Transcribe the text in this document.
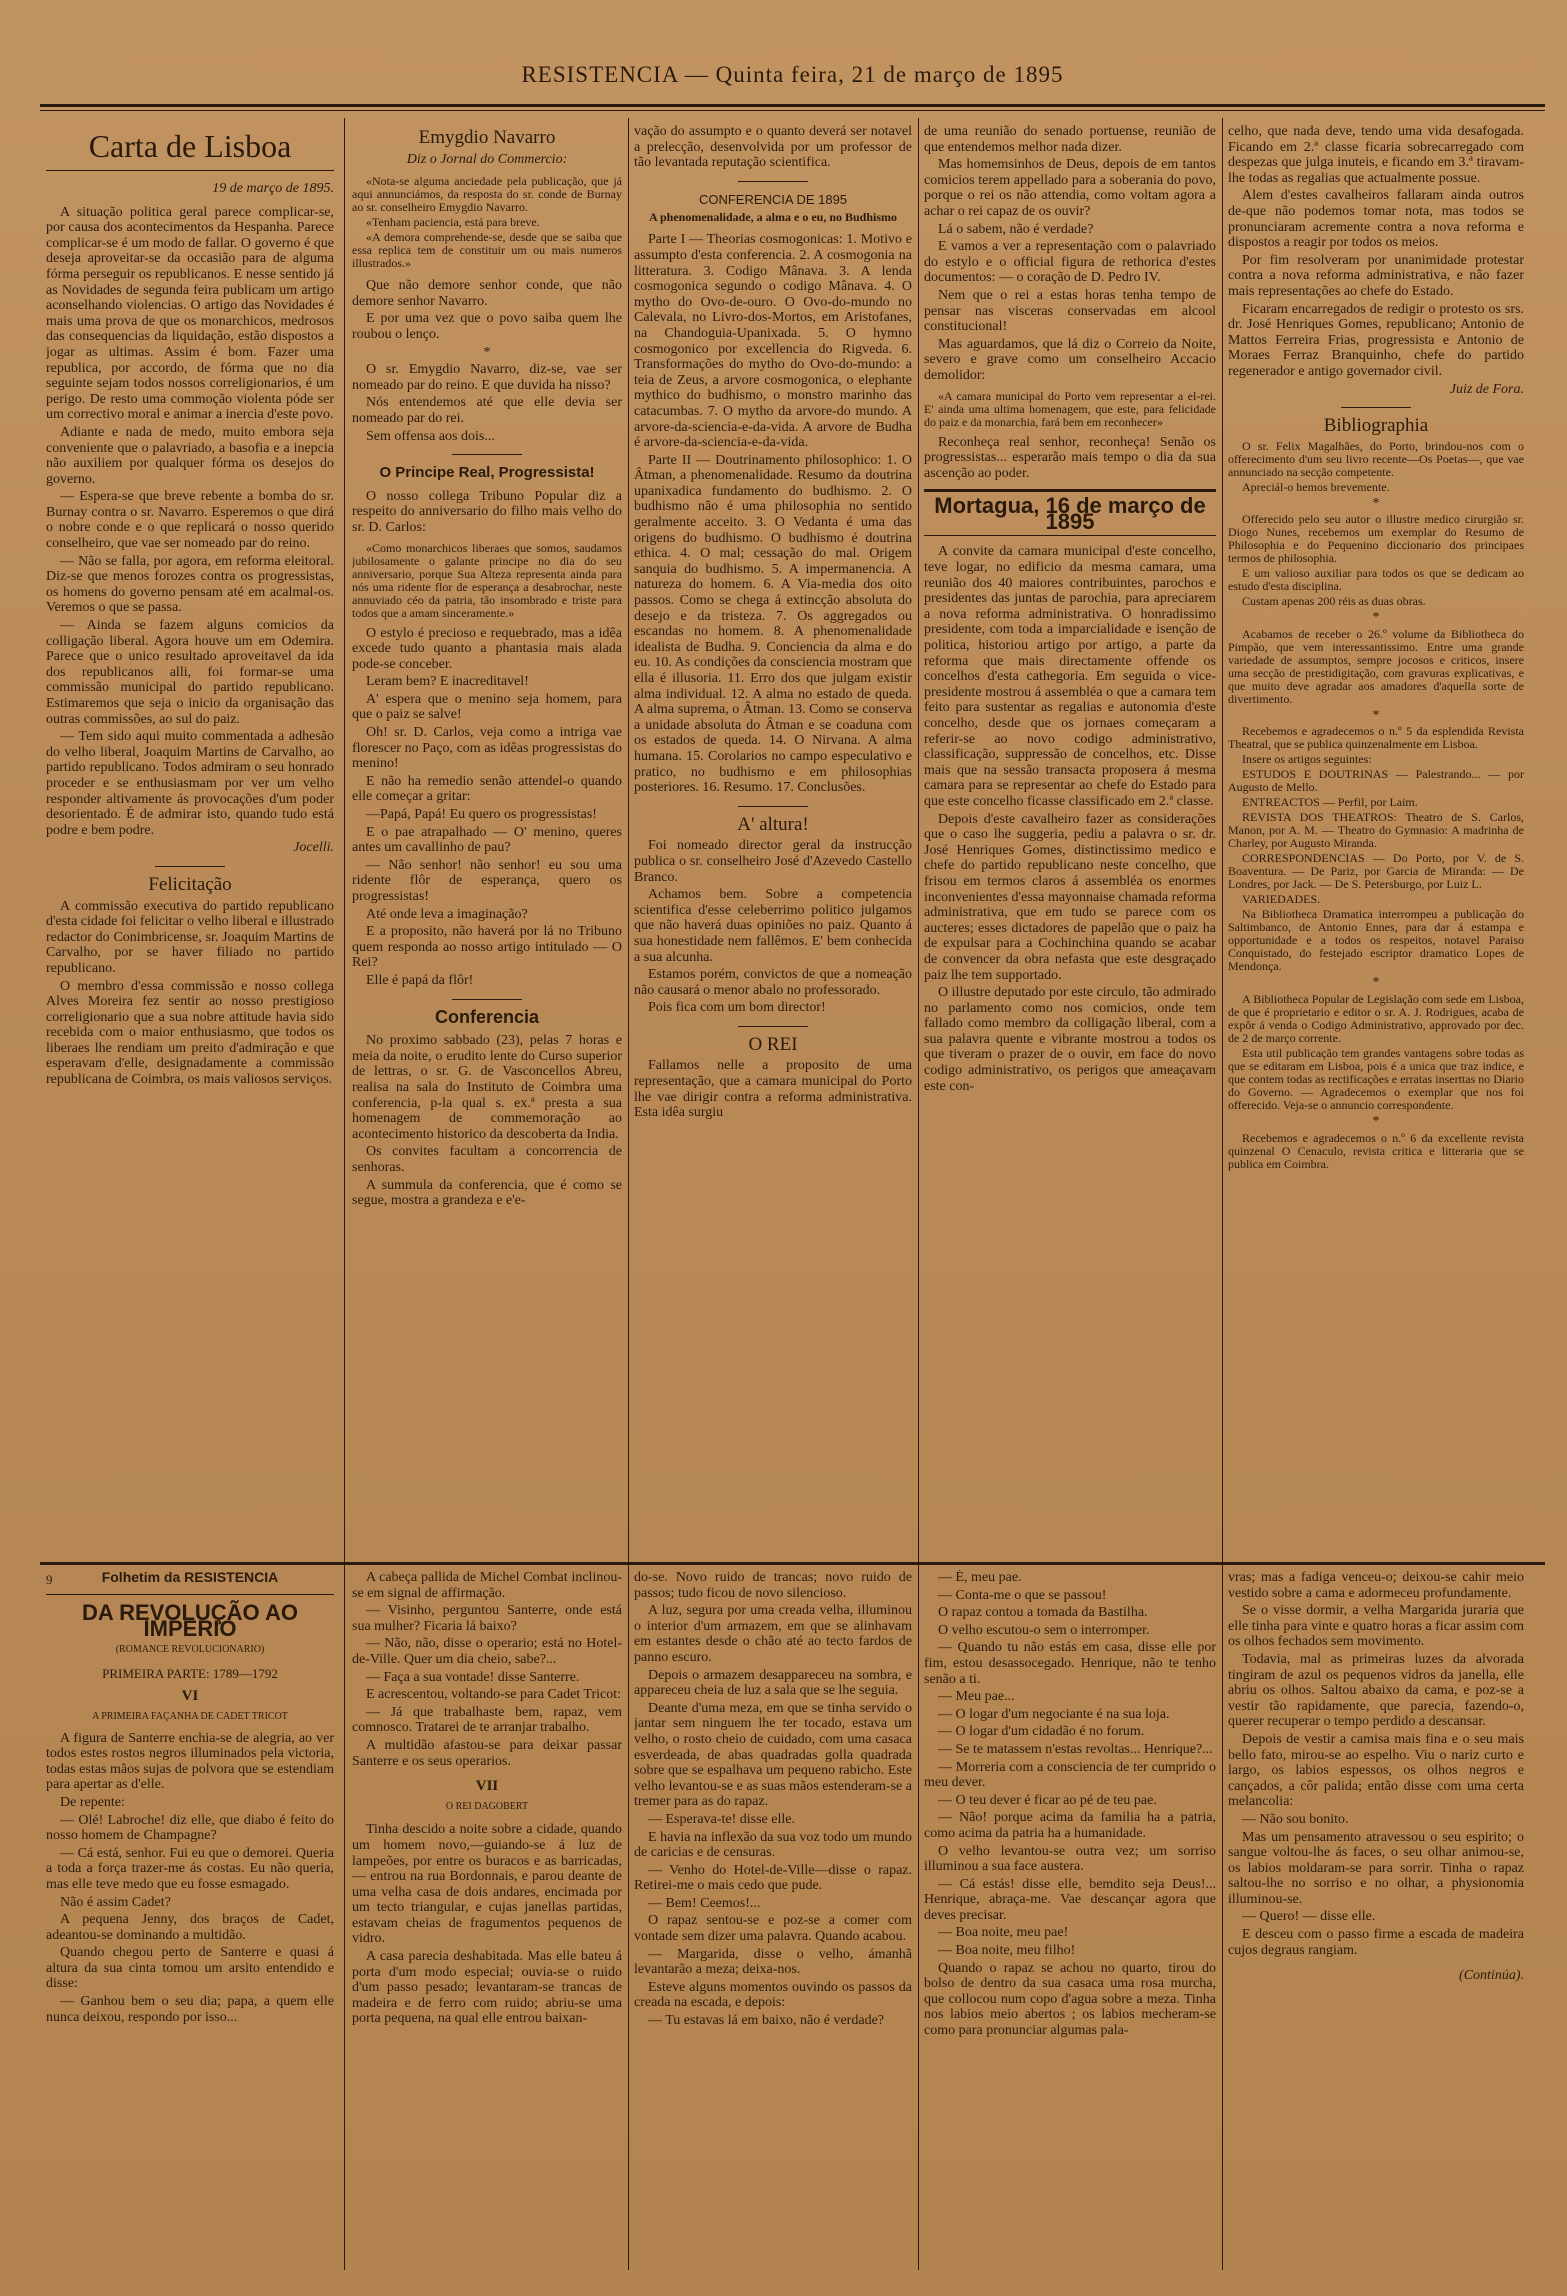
RESISTENCIA — Quinta feira, 21 de março de 1895
Carta de Lisboa
19 de março de 1895.

A situação politica geral parece complicar-se, por causa dos acontecimentos da Hespanha. Parece complicar-se é um modo de fallar. O governo é que deseja aproveitar-se da occasião para de alguma fórma perseguir os republicanos. E nesse sentido já as Novidades de segunda feira publicam um artigo aconselhando violencias. O artigo das Novidades é mais uma prova de que os monarchicos, medrosos das consequencias da liquidação, estão dispostos a jogar as ultimas. Assim é bom. Fazer uma republica, por accordo, de fórma que no dia seguinte sejam todos nossos correligionarios, é um perigo. De resto uma commoção violenta póde ser um correctivo moral e animar a inercia d'este povo.

Adiante e nada de medo, muito embora seja conveniente que o palavriado, a basofia e a inepcia não auxiliem por qualquer fórma os desejos do governo.

— Espera-se que breve rebente a bomba do sr. Burnay contra o sr. Navarro. Esperemos o que dirá o nobre conde e o que replicará o nosso querido conselheiro, que vae ser nomeado par do reino.

— Não se falla, por agora, em reforma eleitoral. Diz-se que menos forozes contra os progressistas, os homens do governo pensam até em acalmal-os. Veremos o que se passa.

— Ainda se fazem alguns comicios da colligação liberal. Agora houve um em Odemira. Parece que o unico resultado aproveitavel da ida dos republicanos alli, foi formar-se uma commissão municipal do partido republicano. Estimaremos que seja o inicio da organisação das outras commissões, ao sul do paiz.

— Tem sido aqui muito commentada a adhesão do velho liberal, Joaquim Martins de Carvalho, ao partido republicano. Todos admiram o seu honrado proceder e se enthusiasmam por ver um velho responder altivamente ás provocações d'um poder desorientado. É de admirar isto, quando tudo está podre e bem podre.

Jocelli.
Felicitação

A commissão executiva do partido republicano d'esta cidade foi felicitar o velho liberal e illustrado redactor do Conimbricense, sr. Joaquim Martins de Carvalho, por se haver filiado no partido republicano.

O membro d'essa commissão e nosso collega Alves Moreira fez sentir ao nosso prestigioso correligionario que a sua nobre attitude havia sido recebida com o maior enthusiasmo, que todos os liberaes lhe rendiam um preito d'admiração e que esperavam d'elle, designadamente a commissão republicana de Coimbra, os mais valiosos serviços.

Emygdio Navarro
Diz o Jornal do Commercio:

«Nota-se alguma anciedade pela publicação, que já aqui annunciámos, da resposta do sr. conde de Burnay ao sr. conselheiro Emygdio Navarro.

«Tenham paciencia, está para breve.

«A demora comprehende-se, desde que se saiba que essa replica tem de constituir um ou mais numeros illustrados.»

Que não demore senhor conde, que não demore senhor Navarro.

E por uma vez que o povo saiba quem lhe roubou o lenço.

*

O sr. Emygdio Navarro, diz-se, vae ser nomeado par do reino. E que duvida ha nisso?

Nós entendemos até que elle devia ser nomeado par do rei.

Sem offensa aos dois...

O Principe Real, Progressista!

O nosso collega Tribuno Popular diz a respeito do anniversario do filho mais velho do sr. D. Carlos:

«Como monarchicos liberaes que somos, saudamos jubilosamente o galante principe no dia do seu anniversario, porque Sua Alteza representa ainda para nós uma ridente flor de esperança a desabrochar, neste annuviado céo da patria, tão insombrado e triste para todos que a amam sinceramente.»

O estylo é precioso e requebrado, mas a idêa excede tudo quanto a phantasia mais alada pode-se conceber.

Leram bem? E inacreditavel!

A' espera que o menino seja homem, para que o paiz se salve!

Oh! sr. D. Carlos, veja como a intriga vae florescer no Paço, com as idêas progressistas do menino!

E não ha remedio senão attendel-o quando elle começar a gritar:

—Papá, Papá! Eu quero os progressistas!

E o pae atrapalhado — O' menino, queres antes um cavallinho de pau?

— Não senhor! não senhor! eu sou uma ridente flôr de esperança, quero os progressistas!

Até onde leva a imaginação?

E a proposito, não haverá por lá no Tribuno quem responda ao nosso artigo intitulado — O Rei?

Elle é papá da flôr!

Conferencia

No proximo sabbado (23), pelas 7 horas e meia da noite, o erudito lente do Curso superior de lettras, o sr. G. de Vasconcellos Abreu, realisa na sala do Instituto de Coimbra uma conferencia, p-la qual s. ex.ª presta a sua homenagem de commemoração ao acontecimento historico da descoberta da India.

Os convites facultam a concorrencia de senhoras.

A summula da conferencia, que é como se segue, mostra a grandeza e e'e-

vação do assumpto e o quanto deverá ser notavel a prelecção, desenvolvida por um professor de tão levantada reputação scientifica.

CONFERENCIA DE 1895
A phenomenalidade, a alma e o eu, no Budhismo

Parte I — Theorias cosmogonicas: 1. Motivo e assumpto d'esta conferencia. 2. A cosmogonia na litteratura. 3. Codigo Mânava. 3. A lenda cosmogonica segundo o codigo Mânava. 4. O mytho do Ovo-de-ouro. O Ovo-do-mundo no Calevala, no Livro-dos-Mortos, em Aristofanes, na Chandoguia-Upanixada. 5. O hymno cosmogonico por excellencia do Rigveda. 6. Transformações do mytho do Ovo-do-mundo: a teia de Zeus, a arvore cosmogonica, o elephante mythico do budhismo, o monstro marinho das catacumbas. 7. O mytho da arvore-do mundo. A arvore-da-sciencia-e-da-vida. A arvore de Budha é arvore-da-sciencia-e-da-vida.

Parte II — Doutrinamento philosophico: 1. O Âtman, a phenomenalidade. Resumo da doutrina upanixadica fundamento do budhismo. 2. O budhismo não é uma philosophia no sentido geralmente acceito. 3. O Vedanta é uma das origens do budhismo. O budhismo é doutrina ethica. 4. O mal; cessação do mal. Origem sanquia do budhismo. 5. A impermanencia. A natureza do homem. 6. A Via-media dos oito passos. Como se chega á extincção absoluta do desejo e da tristeza. 7. Os aggregados ou escandas no homem. 8. A phenomenalidade idealista de Budha. 9. Conciencia da alma e do eu. 10. As condições da consciencia mostram que ella é illusoria. 11. Erro dos que julgam existir alma individual. 12. A alma no estado de queda. A alma suprema, o Âtman. 13. Como se conserva a unidade absoluta do Âtman e se coaduna com os estados de queda. 14. O Nirvana. A alma humana. 15. Corolarios no campo especulativo e pratico, no budhismo e em philosophias posteriores. 16. Resumo. 17. Conclusões.

A' altura!

Foi nomeado director geral da instrucção publica o sr. conselheiro José d'Azevedo Castello Branco.

Achamos bem. Sobre a competencia scientifica d'esse celeberrimo politico julgamos que não haverá duas opiniões no paiz. Quanto á sua honestidade nem fallêmos. E' bem conhecida a sua alcunha.

Estamos porém, convictos de que a nomeação não causará o menor abalo no professorado.

Pois fica com um bom director!

O REI

Fallamos nelle a proposito de uma representação, que a camara municipal do Porto lhe vae dirigir contra a reforma administrativa. Esta idêa surgiu

de uma reunião do senado portuense, reunião de que entendemos melhor nada dizer.

Mas homemsinhos de Deus, depois de em tantos comicios terem appellado para a soberania do povo, porque o rei os não attendia, como voltam agora a achar o rei capaz de os ouvir?

Lá o sabem, não é verdade?

E vamos a ver a representação com o palavriado do estylo e o official figura de rethorica d'estes documentos: — o coração de D. Pedro IV.

Nem que o rei a estas horas tenha tempo de pensar nas visceras conservadas em alcool constitucional!

Mas aguardamos, que lá diz o Correio da Noite, severo e grave como um conselheiro Accacio demolidor:

«A camara municipal do Porto vem representar a el-rei. E' ainda uma ultima homenagem, que este, para felicidade do paiz e da monarchia, fará bem em reconhecer»

Reconheça real senhor, reconheça! Senão os progressistas... esperarão mais tempo o dia da sua ascenção ao poder.

Mortagua, 16 de março de 1895

A convite da camara municipal d'este concelho, teve logar, no edificio da mesma camara, uma reunião dos 40 maiores contribuintes, parochos e presidentes das juntas de parochia, para apreciarem a nova reforma administrativa. O honradissimo presidente, com toda a imparcialidade e isenção de politica, historiou artigo por artigo, a parte da reforma que mais directamente offende os concelhos d'esta cathegoria. Em seguida o vice-presidente mostrou á assembléa o que a camara tem feito para sustentar as regalias e autonomia d'este concelho, desde que os jornaes começaram a referir-se ao novo codigo administrativo, classificação, suppressão de concelhos, etc. Disse mais que na sessão transacta proposera á mesma camara para se representar ao chefe do Estado para que este concelho ficasse classificado em 2.ª classe.

Depois d'este cavalheiro fazer as considerações que o caso lhe suggeria, pediu a palavra o sr. dr. José Henriques Gomes, distinctissimo medico e chefe do partido republicano neste concelho, que frisou em termos claros á assembléa os enormes inconvenientes d'essa mayonnaise chamada reforma administrativa, que em tudo se parece com os aucteres; esses dictadores de papelão que o paiz ha de expulsar para a Cochinchina quando se acabar de convencer da obra nefasta que este desgraçado paiz lhe tem supportado.

O illustre deputado por este circulo, tão admirado no parlamento como nos comicios, onde tem fallado como membro da colligação liberal, com a sua palavra quente e vibrante mostrou a todos os que tiveram o prazer de o ouvir, em face do novo codigo administrativo, os perigos que ameaçavam este con-

celho, que nada deve, tendo uma vida desafogada. Ficando em 2.ª classe ficaria sobrecarregado com despezas que julga inuteis, e ficando em 3.ª tiravam-lhe todas as regalias que actualmente possue.

Alem d'estes cavalheiros fallaram ainda outros de-que não podemos tomar nota, mas todos se pronunciaram acremente contra a nova reforma e dispostos a reagir por todos os meios.

Por fim resolveram por unanimidade protestar contra a nova reforma administrativa, e não fazer mais representações ao chefe do Estado.

Ficaram encarregados de redigir o protesto os srs. dr. José Henriques Gomes, republicano; Antonio de Mattos Ferreira Frias, progressista e Antonio de Moraes Ferraz Branquinho, chefe do partido regenerador e antigo governador civil.

Juiz de Fora.
Bibliographia

O sr. Felix Magalhães, do Porto, brindou-nos com o offerecimento d'um seu livro recente—Os Poetas—, que vae annunciado na secção competente.

Apreciál-o hemos brevemente.

*

Offerecido pelo seu autor o illustre medico cirurgião sr. Diogo Nunes, recebemos um exemplar do Resumo de Philosophia e do Pequenino diccionario dos principaes termos de philosophia.

E um valioso auxiliar para todos os que se dedicam ao estudo d'esta disciplina.

Custam apenas 200 réis as duas obras.

*

Acabamos de receber o 26.º volume da Bibliotheca do Pimpão, que vem interessantissimo. Entre uma grande variedade de assumptos, sempre jocosos e criticos, insere uma secção de prestidigitação, com gravuras explicativas, e que muito deve agradar aos amadores d'aquella sorte de divertimento.

*

Recebemos e agradecemos o n.º 5 da esplendida Revista Theatral, que se publica quinzenalmente em Lisboa.

Insere os artigos seguintes:

ESTUDOS E DOUTRINAS — Palestrando... — por Augusto de Mello.

ENTREACTOS — Perfil, por Laim.

REVISTA DOS THEATROS: Theatro de S. Carlos, Manon, por A. M. — Theatro do Gymnasio: A madrinha de Charley, por Augusto Miranda.

CORRESPONDENCIAS — Do Porto, por V. de S. Boaventura. — De Pariz, por Garcia de Miranda: — De Londres, por Jack. — De S. Petersburgo, por Luiz L.

VARIEDADES.

Na Bibliotheca Dramatica interrompeu a publicação do Saltimbanco, de Antonio Ennes, para dar á estampa e opportunidade e a todos os respeitos, notavel Paraiso Conquistado, do festejado escriptor dramatico Lopes de Mendonça.

*

A Bibliotheca Popular de Legislação com sede em Lisboa, de que é proprietario e editor o sr. A. J. Rodrigues, acaba de expôr á venda o Codigo Administrativo, approvado por dec. de 2 de março corrente.

Esta util publicação tem grandes vantagens sobre todas as que se editaram em Lisboa, pois é a unica que traz indice, e que contem todas as rectificações e erratas inserttas no Diario do Governo. — Agradecemos o exemplar que nos foi offerecido. Veja-se o annuncio correspondente.

*

Recebemos e agradecemos o n.º 6 da excellente revista quinzenal O Cenaculo, revista critica e litteraria que se publica em Coimbra.

9	Folhetim da RESISTENCIA
DA REVOLUÇÃO AO IMPERIO
(ROMANCE REVOLUCIONARIO)
PRIMEIRA PARTE: 1789—1792
VI
A PRIMEIRA FAÇANHA DE CADET TRICOT

A figura de Santerre enchia-se de alegria, ao ver todos estes rostos negros illuminados pela victoria, todas estas mãos sujas de polvora que se estendiam para apertar as d'elle.

De repente:

— Olé! Labroche! diz elle, que diabo é feito do nosso homem de Champagne?

— Cá está, senhor. Fui eu que o demorei. Queria a toda a força trazer-me ás costas. Eu não queria, mas elle teve medo que eu fosse esmagado.

Não é assim Cadet?

A pequena Jenny, dos braços de Cadet, adeantou-se dominando a multidão.

Quando chegou perto de Santerre e quasi á altura da sua cinta tomou um arsito entendido e disse:

— Ganhou bem o seu dia; papa, a quem elle nunca deixou, respondo por isso...

A cabeça pallida de Michel Combat inclinou-se em signal de affirmação.

— Visinho, perguntou Santerre, onde está sua mulher? Ficaria lá baixo?

— Não, não, disse o operario; está no Hotel-de-Ville. Quer um dia cheio, sabe?...

— Faça a sua vontade! disse Santerre.

E acrescentou, voltando-se para Cadet Tricot:

— Já que trabalhaste bem, rapaz, vem comnosco. Tratarei de te arranjar trabalho.

A multidão afastou-se para deixar passar Santerre e os seus operarios.

VII
O REI DAGOBERT

Tinha descido a noite sobre a cidade, quando um homem novo,—guiando-se á luz de lampeões, por entre os buracos e as barricadas, — entrou na rua Bordonnais, e parou deante de uma velha casa de dois andares, encimada por um tecto triangular, e cujas janellas partidas, estavam cheias de fragumentos pequenos de vidro.

A casa parecia deshabitada. Mas elle bateu á porta d'um modo especial; ouvia-se o ruido d'um passo pesado; levantaram-se trancas de madeira e de ferro com ruido; abriu-se uma porta pequena, na qual elle entrou baixan-

do-se. Novo ruido de trancas; novo ruido de passos; tudo ficou de novo silencioso.

A luz, segura por uma creada velha, illuminou o interior d'um armazem, em que se alinhavam em estantes desde o chão até ao tecto fardos de panno escuro.

Depois o armazem desappareceu na sombra, e appareceu cheia de luz a sala que se lhe seguia.

Deante d'uma meza, em que se tinha servido o jantar sem ninguem lhe ter tocado, estava um velho, o rosto cheio de cuidado, com uma casaca esverdeada, de abas quadradas golla quadrada sobre que se espalhava um pequeno rabicho. Este velho levantou-se e as suas mãos estenderam-se a tremer para as do rapaz.

— Esperava-te! disse elle.

E havia na inflexão da sua voz todo um mundo de caricias e de censuras.

— Venho do Hotel-de-Ville—disse o rapaz. Retirei-me o mais cedo que pude.

— Bem! Ceemos!...

O rapaz sentou-se e poz-se a comer com vontade sem dizer uma palavra. Quando acabou.

— Margarida, disse o velho, ámanhã levantarão a meza; deixa-nos.

Esteve alguns momentos ouvindo os passos da creada na escada, e depois:

— Tu estavas lá em baixo, não é verdade?

— É, meu pae.

— Conta-me o que se passou!

O rapaz contou a tomada da Bastilha.

O velho escutou-o sem o interromper.

— Quando tu não estás em casa, disse elle por fim, estou desassocegado. Henrique, não te tenho senão a ti.

— Meu pae...

— O logar d'um negociante é na sua loja.

— O logar d'um cidadão é no forum.

— Se te matassem n'estas revoltas... Henrique?...

— Morreria com a consciencia de ter cumprido o meu dever.

— O teu dever é ficar ao pé de teu pae.

— Não! porque acima da familia ha a patria, como acima da patria ha a humanidade.

O velho levantou-se outra vez; um sorriso illuminou a sua face austera.

— Cá estás! disse elle, bemdito seja Deus!... Henrique, abraça-me. Vae descançar agora que deves precisar.

— Boa noite, meu pae!

— Boa noite, meu filho!

Quando o rapaz se achou no quarto, tirou do bolso de dentro da sua casaca uma rosa murcha, que collocou num copo d'agua sobre a meza. Tinha nos labios meio abertos ; os labios mecheram-se como para pronunciar algumas pala-

vras; mas a fadiga venceu-o; deixou-se cahir meio vestido sobre a cama e adormeceu profundamente.

Se o visse dormir, a velha Margarida juraria que elle tinha para vinte e quatro horas a ficar assim com os olhos fechados sem movimento.

Todavia, mal as primeiras luzes da alvorada tingiram de azul os pequenos vidros da janella, elle abriu os olhos. Saltou abaixo da cama, e poz-se a vestir tão rapidamente, que parecia, fazendo-o, querer recuperar o tempo perdido a descansar.

Depois de vestir a camisa mais fina e o seu mais bello fato, mirou-se ao espelho. Viu o nariz curto e largo, os labios espessos, os olhos negros e cançados, a côr palida; então disse com uma certa melancolia:

— Não sou bonito.

Mas um pensamento atravessou o seu espirito; o sangue voltou-lhe ás faces, o seu olhar animou-se, os labios moldaram-se para sorrir. Tinha o rapaz saltou-lhe no sorriso e no olhar, a physionomia illuminou-se.

— Quero! — disse elle.

E desceu com o passo firme a escada de madeira cujos degraus rangiam.

(Continúa).
